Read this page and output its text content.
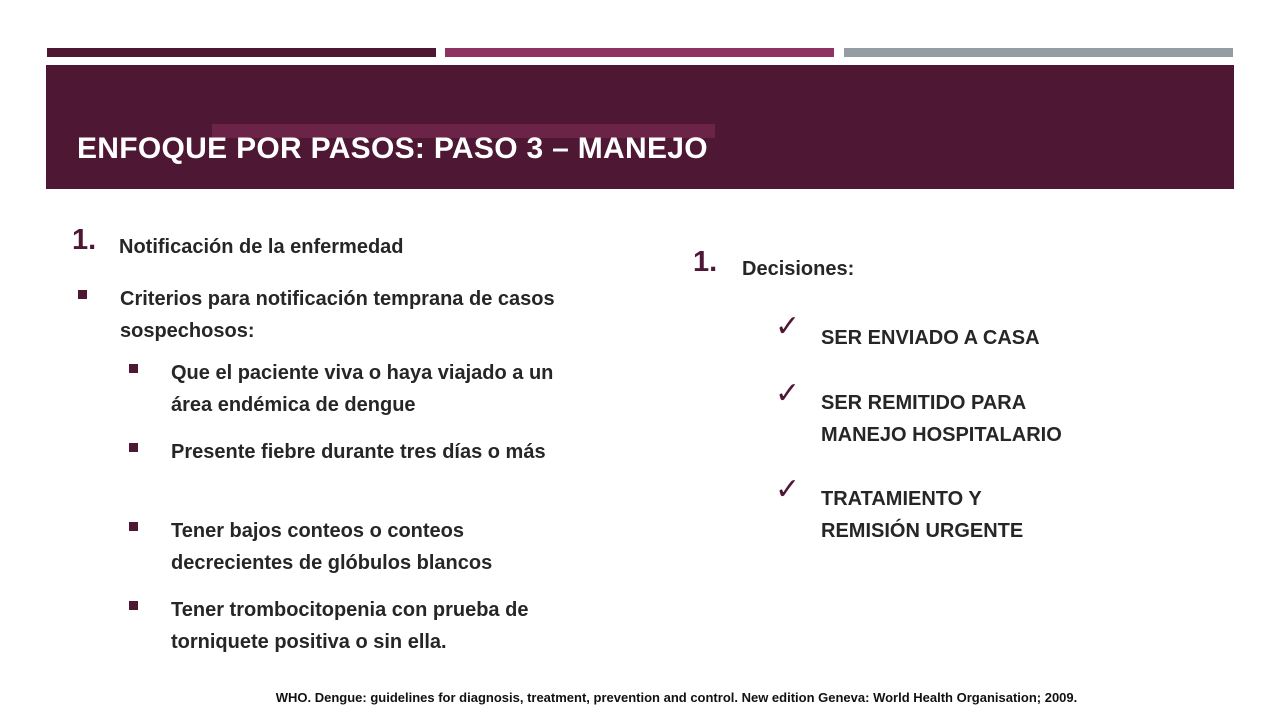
ENFOQUE POR PASOS: PASO 3 – MANEJO
1. Notificación de la enfermedad
Criterios para notificación temprana de casos sospechosos:
Que el paciente viva o haya viajado a un área endémica de dengue
Presente fiebre durante tres días o más
Tener bajos conteos o conteos decrecientes de glóbulos blancos
Tener trombocitopenia con prueba de torniquete positiva o sin ella.
1. Decisiones:
✓ SER ENVIADO A CASA
✓ SER REMITIDO PARA MANEJO HOSPITALARIO
✓ TRATAMIENTO Y REMISIÓN URGENTE
WHO. Dengue: guidelines for diagnosis, treatment, prevention and control. New edition Geneva: World Health Organisation; 2009.
